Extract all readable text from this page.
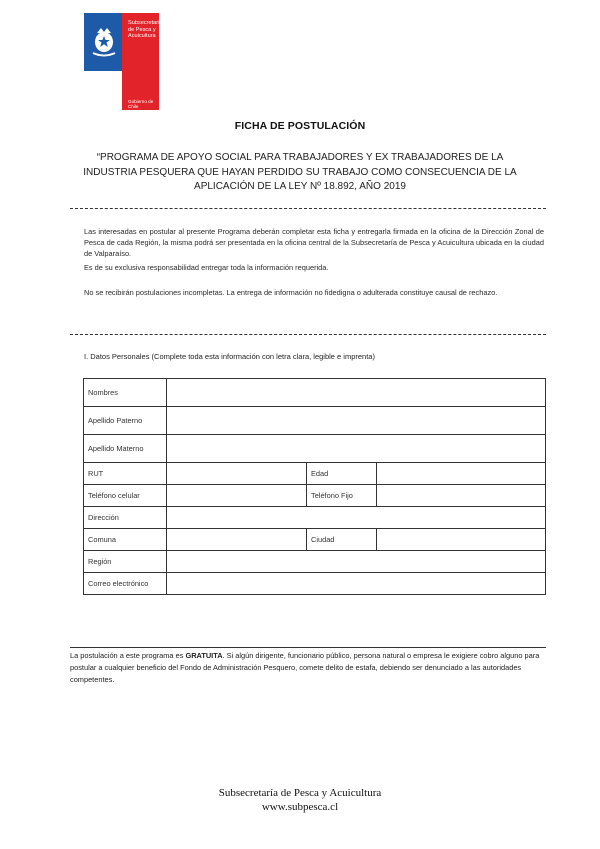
Subsecretaría
de Pesca y
Acuicultura
Gobierno de Chile
FICHA DE POSTULACIÓN
“PROGRAMA DE APOYO SOCIAL PARA TRABAJADORES Y EX TRABAJADORES DE LA INDUSTRIA PESQUERA QUE HAYAN PERDIDO SU TRABAJO COMO CONSECUENCIA DE LA APLICACIÓN DE LA LEY Nº 18.892, AÑO 2019
Las interesadas en postular al presente Programa deberán completar esta ficha y entregarla firmada en la oficina de la Dirección Zonal de Pesca de cada Región, la misma podrá ser presentada en la oficina central de la Subsecretaría de Pesca y Acuicultura ubicada en la ciudad de Valparaíso.
Es de su exclusiva responsabilidad entregar toda la información requerida.
No se recibirán postulaciones incompletas. La entrega de información no fidedigna o adulterada constituye causal de rechazo.
I. Datos Personales (Complete toda esta información con letra clara, legible e imprenta)
Nombres			
Apellido Paterno			
Apellido Materno			
RUT		Edad	
Teléfono celular		Teléfono Fijo	
Dirección			
Comuna		Ciudad	
Región			
Correo electrónico			
La postulación a este programa es GRATUITA. Si algún dirigente, funcionario público, persona natural o empresa le exigiere cobro alguno para postular a cualquier beneficio del Fondo de Administración Pesquero, comete delito de estafa, debiendo ser denunciado a las autoridades competentes.
Subsecretaría de Pesca y Acuicultura
www.subpesca.cl
